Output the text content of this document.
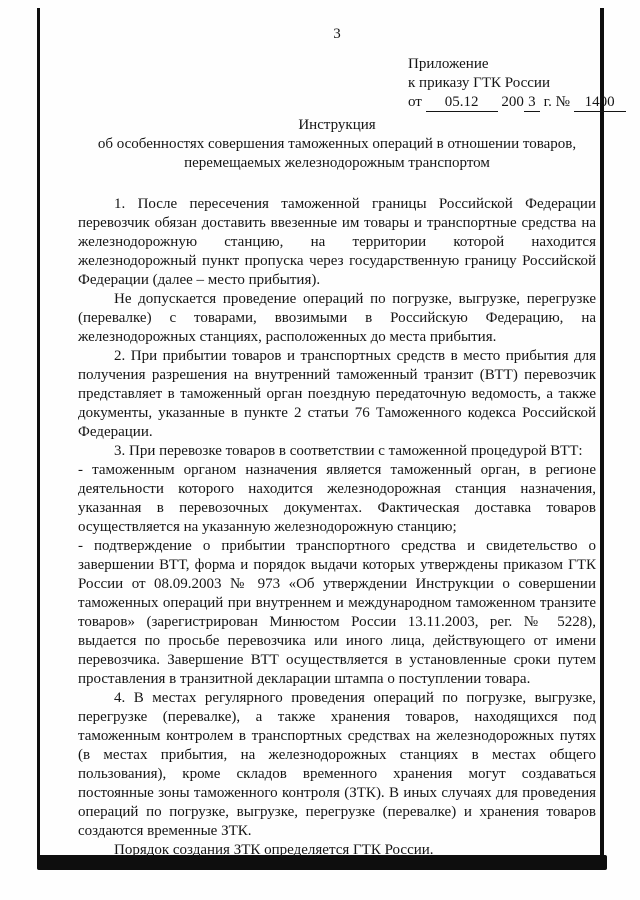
3
Приложение
к приказу ГТК России
от 05.12 200 3 г. № 1400
Инструкция
об особенностях совершения таможенных операций в отношении товаров,
перемещаемых железнодорожным транспортом

1. После пересечения таможенной границы Российской Федерации перевозчик обязан доставить ввезенные им товары и транспортные средства на железнодорожную станцию, на территории которой находится железнодорожный пункт пропуска через государственную границу Российской Федерации (далее – место прибытия).

Не допускается проведение операций по погрузке, выгрузке, перегрузке (перевалке) с товарами, ввозимыми в Российскую Федерацию, на железнодорожных станциях, расположенных до места прибытия.

2. При прибытии товаров и транспортных средств в место прибытия для получения разрешения на внутренний таможенный транзит (ВТТ) перевозчик представляет в таможенный орган поездную передаточную ведомость, а также документы, указанные в пункте 2 статьи 76 Таможенного кодекса Российской Федерации.

3. При перевозке товаров в соответствии с таможенной процедурой ВТТ:

- таможенным органом назначения является таможенный орган, в регионе деятельности которого находится железнодорожная станция назначения, указанная в перевозочных документах. Фактическая доставка товаров осуществляется на указанную железнодорожную станцию;

- подтверждение о прибытии транспортного средства и свидетельство о завершении ВТТ, форма и порядок выдачи которых утверждены приказом ГТК России от 08.09.2003 № 973 «Об утверждении Инструкции о совершении таможенных операций при внутреннем и международном таможенном транзите товаров» (зарегистрирован Минюстом России 13.11.2003, рег. № 5228), выдается по просьбе перевозчика или иного лица, действующего от имени перевозчика. Завершение ВТТ осуществляется в установленные сроки путем проставления в транзитной декларации штампа о поступлении товара.

4. В местах регулярного проведения операций по погрузке, выгрузке, перегрузке (перевалке), а также хранения товаров, находящихся под таможенным контролем в транспортных средствах на железнодорожных путях (в местах прибытия, на железнодорожных станциях в местах общего пользования), кроме складов временного хранения могут создаваться постоянные зоны таможенного контроля (ЗТК). В иных случаях для проведения операций по погрузке, выгрузке, перегрузке (перевалке) и хранения товаров создаются временные ЗТК.

Порядок создания ЗТК определяется ГТК России.
